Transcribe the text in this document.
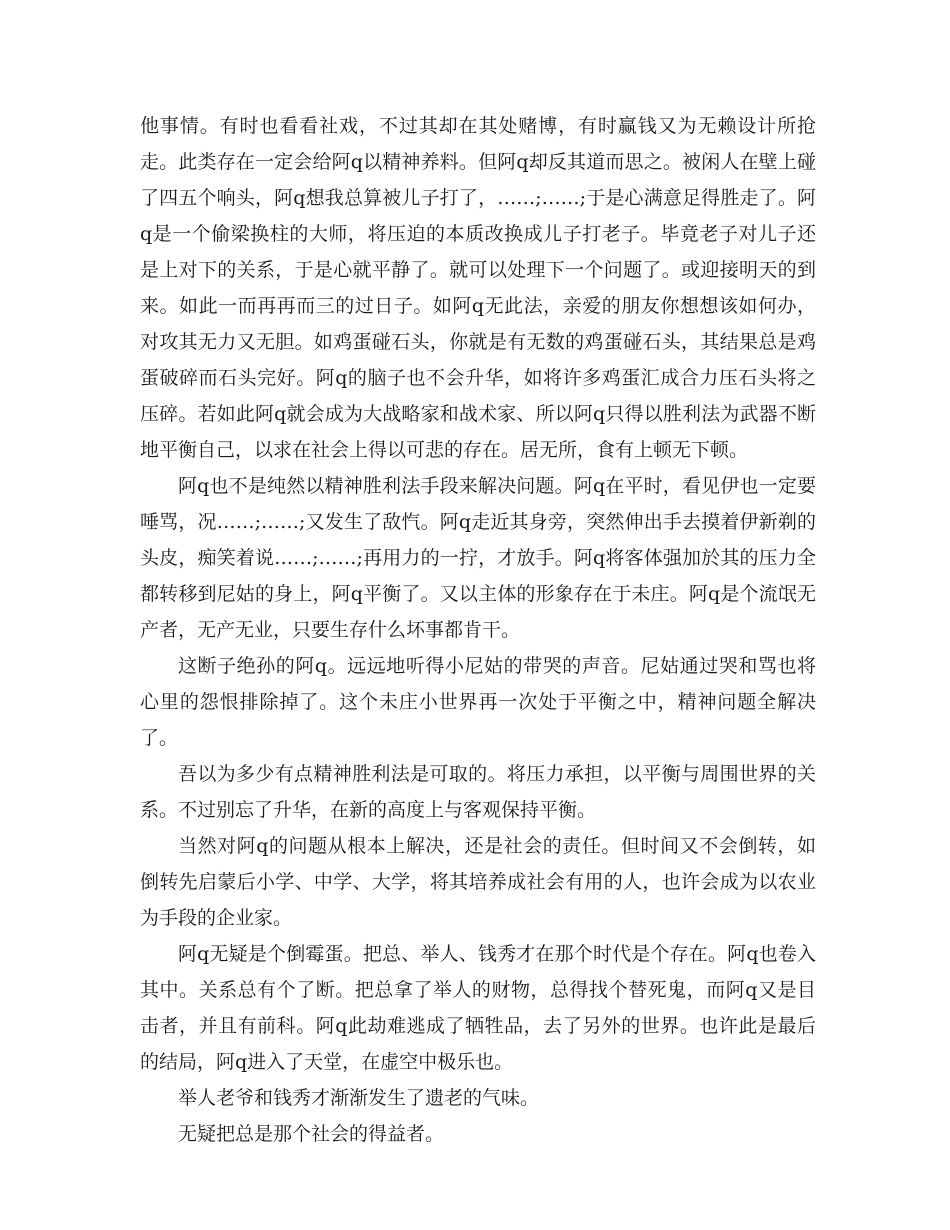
他事情。有时也看看社戏，不过其却在其处赌博，有时赢钱又为无赖设计所抢走。此类存在一定会给阿q以精神养料。但阿q却反其道而思之。被闲人在壁上碰了四五个响头，阿q想我总算被儿子打了，……;……;于是心满意足得胜走了。阿q是一个偷梁换柱的大师，将压迫的本质改换成儿子打老子。毕竟老子对儿子还是上对下的关系，于是心就平静了。就可以处理下一个问题了。或迎接明天的到来。如此一而再再而三的过日子。如阿q无此法，亲爱的朋友你想想该如何办，对攻其无力又无胆。如鸡蛋碰石头，你就是有无数的鸡蛋碰石头，其结果总是鸡蛋破碎而石头完好。阿q的脑子也不会升华，如将许多鸡蛋汇成合力压石头将之压碎。若如此阿q就会成为大战略家和战术家、所以阿q只得以胜利法为武器不断地平衡自己，以求在社会上得以可悲的存在。居无所，食有上顿无下顿。

阿q也不是纯然以精神胜利法手段来解决问题。阿q在平时，看见伊也一定要唾骂，况……;……;又发生了敌忾。阿q走近其身旁，突然伸出手去摸着伊新剃的头皮，痴笑着说……;……;再用力的一拧，才放手。阿q将客体强加於其的压力全都转移到尼姑的身上，阿q平衡了。又以主体的形象存在于未庄。阿q是个流氓无产者，无产无业，只要生存什么坏事都肯干。

这断子绝孙的阿q。远远地听得小尼姑的带哭的声音。尼姑通过哭和骂也将心里的怨恨排除掉了。这个未庄小世界再一次处于平衡之中，精神问题全解决了。

吾以为多少有点精神胜利法是可取的。将压力承担，以平衡与周围世界的关系。不过别忘了升华，在新的高度上与客观保持平衡。

当然对阿q的问题从根本上解决，还是社会的责任。但时间又不会倒转，如倒转先启蒙后小学、中学、大学，将其培养成社会有用的人，也许会成为以农业为手段的企业家。

阿q无疑是个倒霉蛋。把总、举人、钱秀才在那个时代是个存在。阿q也卷入其中。关系总有个了断。把总拿了举人的财物，总得找个替死鬼，而阿q又是目击者，并且有前科。阿q此劫难逃成了牺牲品，去了另外的世界。也许此是最后的结局，阿q进入了天堂，在虚空中极乐也。

举人老爷和钱秀才渐渐发生了遗老的气味。

无疑把总是那个社会的得益者。
